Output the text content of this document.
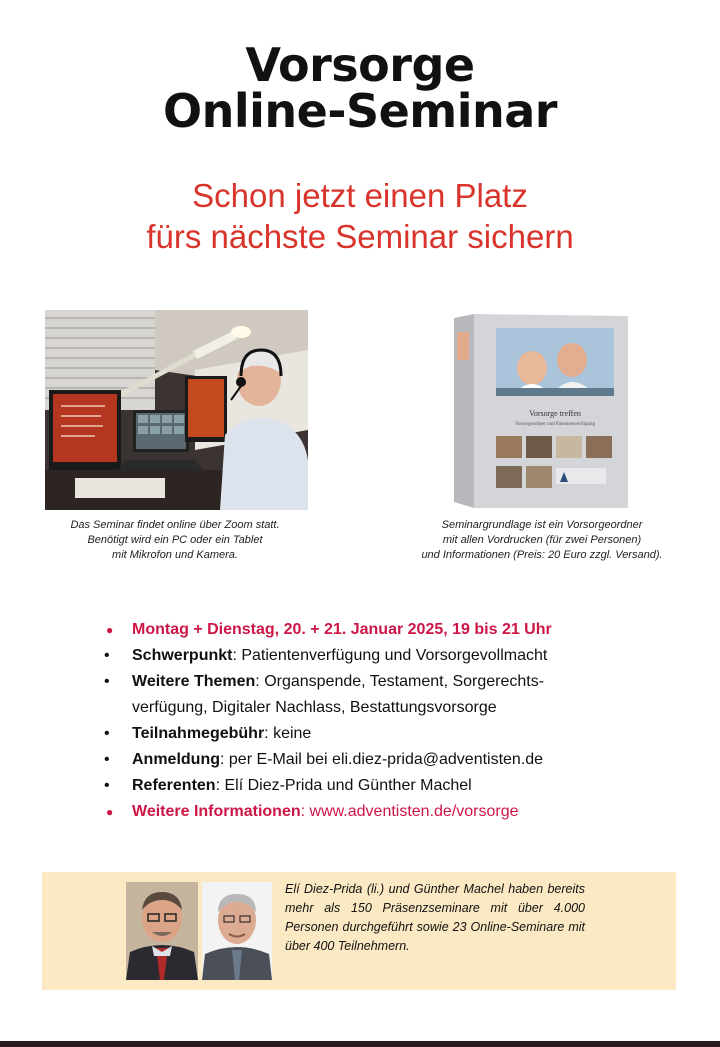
Vorsorge
Online-Seminar
Schon jetzt einen Platz
fürs nächste Seminar sichern
Vorsorge treffen
Vorsorgeordner und Patientenverfügung
Das Seminar findet online über Zoom statt.
Benötigt wird ein PC oder ein Tablet
mit Mikrofon und Kamera.
Seminargrundlage ist ein Vorsorgeordner
mit allen Vordrucken (für zwei Personen)
und Informationen (Preis: 20 Euro zzgl. Versand).
●	Montag + Dienstag, 20. + 21. Januar 2025, 19 bis 21 Uhr
•	Schwerpunkt: Patientenverfügung und Vorsorgevollmacht
•	Weitere Themen: Organspende, Testament, Sorgerechts-
verfügung, Digitaler Nachlass, Bestattungsvorsorge
•	Teilnahmegebühr: keine
•	Anmeldung: per E-Mail bei eli.diez-prida@adventisten.de
•	Referenten: Elí Diez-Prida und Günther Machel
●	Weitere Informationen: www.adventisten.de/vorsorge
Elí Diez-Prida (li.) und Günther Machel haben bereits mehr als 150 Präsenzseminare mit über 4.000 Personen durchgeführt sowie 23 Online-Seminare mit über 400 Teilnehmern.
